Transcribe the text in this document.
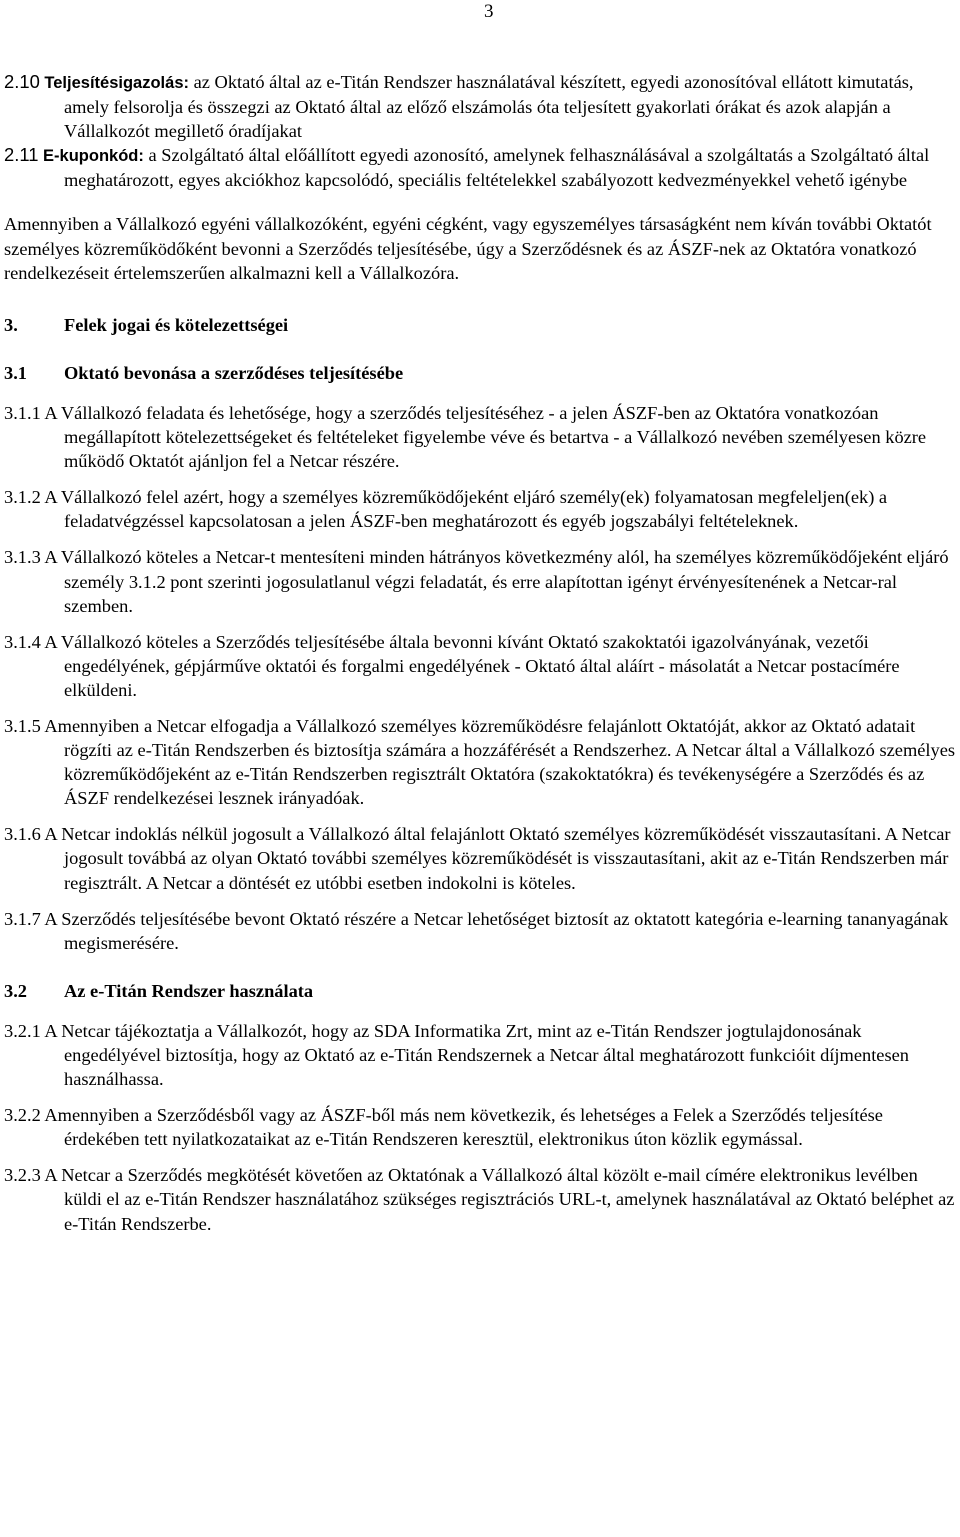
3

2.10 Teljesítésigazolás: az Oktató által az e-Titán Rendszer használatával készített, egyedi azonosítóval ellátott kimutatás, amely felsorolja és összegzi az Oktató által az előző elszámolás óta teljesített gyakorlati órákat és azok alapján a Vállalkozót megillető óradíjakat

2.11 E-kuponkód: a Szolgáltató által előállított egyedi azonosító, amelynek felhasználásával a szolgáltatás a Szolgáltató által meghatározott, egyes akciókhoz kapcsolódó, speciális feltételekkel szabályozott kedvezményekkel vehető igénybe

Amennyiben a Vállalkozó egyéni vállalkozóként, egyéni cégként, vagy egyszemélyes társaságként nem kíván további Oktatót személyes közreműködőként bevonni a Szerződés teljesítésébe, úgy a Szerződésnek és az ÁSZF-nek az Oktatóra vonatkozó rendelkezéseit értelemszerűen alkalmazni kell a Vállalkozóra.

3.	Felek jogai és kötelezettségei
3.1	Oktató bevonása a szerződéses teljesítésébe

3.1.1 A Vállalkozó feladata és lehetősége, hogy a szerződés teljesítéséhez - a jelen ÁSZF-ben az Oktatóra vonatkozóan megállapított kötelezettségeket és feltételeket figyelembe véve és betartva - a Vállalkozó nevében személyesen közre működő Oktatót ajánljon fel a Netcar részére.

3.1.2 A Vállalkozó felel azért, hogy a személyes közreműködőjeként eljáró személy(ek) folyamatosan megfeleljen(ek) a feladatvégzéssel kapcsolatosan a jelen ÁSZF-ben meghatározott és egyéb jogszabályi feltételeknek.

3.1.3 A Vállalkozó köteles a Netcar-t mentesíteni minden hátrányos következmény alól, ha személyes közreműködőjeként eljáró személy 3.1.2 pont szerinti jogosulatlanul végzi feladatát, és erre alapítottan igényt érvényesítenének a Netcar-ral szemben.

3.1.4 A Vállalkozó köteles a Szerződés teljesítésébe általa bevonni kívánt Oktató szakoktatói igazolványának, vezetői engedélyének, gépjárműve oktatói és forgalmi engedélyének - Oktató által aláírt - másolatát a Netcar postacímére elküldeni.

3.1.5 Amennyiben a Netcar elfogadja a Vállalkozó személyes közreműködésre felajánlott Oktatóját, akkor az Oktató adatait rögzíti az e-Titán Rendszerben és biztosítja számára a hozzáférését a Rendszerhez. A Netcar által a Vállalkozó személyes közreműködőjeként az e-Titán Rendszerben regisztrált Oktatóra (szakoktatókra) és tevékenységére a Szerződés és az ÁSZF rendelkezései lesznek irányadóak.

3.1.6 A Netcar indoklás nélkül jogosult a Vállalkozó által felajánlott Oktató személyes közreműködését visszautasítani. A Netcar jogosult továbbá az olyan Oktató további személyes közreműködését is visszautasítani, akit az e-Titán Rendszerben már regisztrált. A Netcar a döntését ez utóbbi esetben indokolni is köteles.

3.1.7 A Szerződés teljesítésébe bevont Oktató részére a Netcar lehetőséget biztosít az oktatott kategória e-learning tananyagának megismerésére.

3.2	Az e-Titán Rendszer használata

3.2.1 A Netcar tájékoztatja a Vállalkozót, hogy az SDA Informatika Zrt, mint az e-Titán Rendszer jogtulajdonosának engedélyével biztosítja, hogy az Oktató az e-Titán Rendszernek a Netcar által meghatározott funkcióit díjmentesen használhassa.

3.2.2 Amennyiben a Szerződésből vagy az ÁSZF-ből más nem következik, és lehetséges a Felek a Szerződés teljesítése érdekében tett nyilatkozataikat az e-Titán Rendszeren keresztül, elektronikus úton közlik egymással.

3.2.3 A Netcar a Szerződés megkötését követően az Oktatónak a Vállalkozó által közölt e-mail címére elektronikus levélben küldi el az e-Titán Rendszer használatához szükséges regisztrációs URL-t, amelynek használatával az Oktató beléphet az e-Titán Rendszerbe.
